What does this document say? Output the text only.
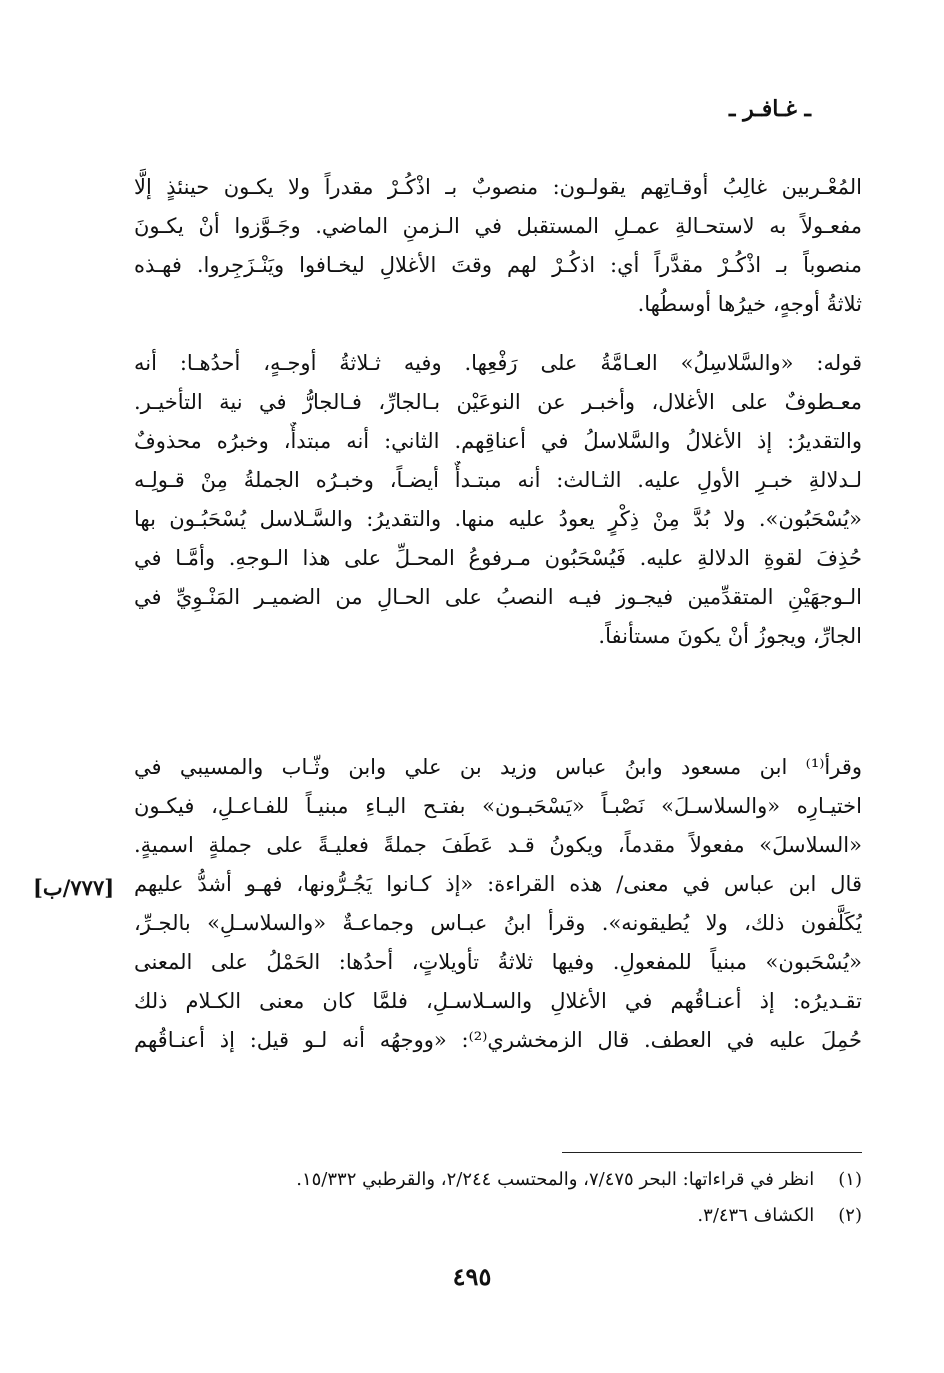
ـ غـافـر ـ
المُعْـربين غالِبُ أوقـاتِهم يقولـون: منصوبٌ بـ اذْكُـرْ مقدراً ولا يكـون حينئذٍ إلَّا
مفعـولاً به لاستحـالةِ عمـلِ المستقبل في الـزمنِ الماضي. وجَـوَّزوا أنْ يكـونَ
منصوباً بـ اذْكُـرْ مقدَّراً أي: اذكُـرْ لهم وقتَ الأغلالِ ليخـافوا ويَنْـزَجِروا. فهـذه
ثلاثةُ أوجهٍ، خيرُها أوسطُها.
قوله: «والسَّلاسِلُ» العـامَّةُ على رَفْعِها. وفيه ثـلاثةُ أوجـهٍ، أحدُهـا: أنه
معـطوفٌ على الأغلال، وأخبـر عن النوعَيْن بـالجارِّ، فـالجارُّ في نية التأخيـر.
والتقديرُ: إذ الأغلالُ والسَّلاسلُ في أعناقِهم. الثاني: أنه مبتدأٌ، وخبرُه محذوفٌ
لـدلالةِ خبـرِ الأولِ عليه. الثـالث: أنه مبتـدأٌ أيضـاً، وخبـرُه الجملةُ مِنْ قـولِـه
«يُسْحَبُون». ولا بُدَّ مِنْ ذِكْرٍ يعودُ عليه منها. والتقديرُ: والسَّـلاسل يُسْحَبُـون بها
حُذِفَ لقوةِ الدلالةِ عليه. فَيُسْحَبُون مـرفوعُ المحـلِّ على هذا الـوجهِ. وأمَّـا في
الـوجهَيْنِ المتقدِّمين فيجـوز فيـه النصبُ على الحـالِ من الضميـر المَنْـوِيِّ في
الجارِّ، ويجوزُ أنْ يكونَ مستأنفاً.
وقرأ⁽¹⁾ ابن مسعود وابنُ عباس وزيد بن علي وابن وثّـاب والمسيبي في
اختيـارِه «والسلاسـلَ» نَصْبـاً «يَسْحَبـون» بفتـح اليـاءِ مبنيـاً للفـاعـلِ، فيكـون
«السلاسلَ» مفعولاً مقدماً، ويكونُ قـد عَطَفَ جملةً فعليـةً على جملةٍ اسميةٍ.
قال ابن عباس في معنى/ هذه القراءة: «إذ كـانوا يَجُـرُّونها، فهـو أشدُّ عليهم
يُكَلَّفون ذلك، ولا يُطيقونه». وقرأ ابنُ عبـاس وجماعـةٌ «والسلاسـلِ» بالجـرِّ،
«يُسْحَبون» مبنياً للمفعولِ. وفيها ثلاثةُ تأويلاتٍ، أحدُها: الحَمْلُ على المعنى
تقـديرُه: إذ أعنـاقُهم في الأغلالِ والسـلاسـلِ، فلمَّا كان معنى الكـلام ذلك
حُمِلَ عليه في العطف. قال الزمخشري⁽²⁾: «ووجهُه أنه لـو قيل: إذ أعنـاقُهم
[٧٧٧/ب]
(١) انظر في قراءاتها: البحر ٧/٤٧٥، والمحتسب ٢/٢٤٤، والقرطبي ١٥/٣٣٢.
(٢) الكشاف ٣/٤٣٦.
٤٩٥
